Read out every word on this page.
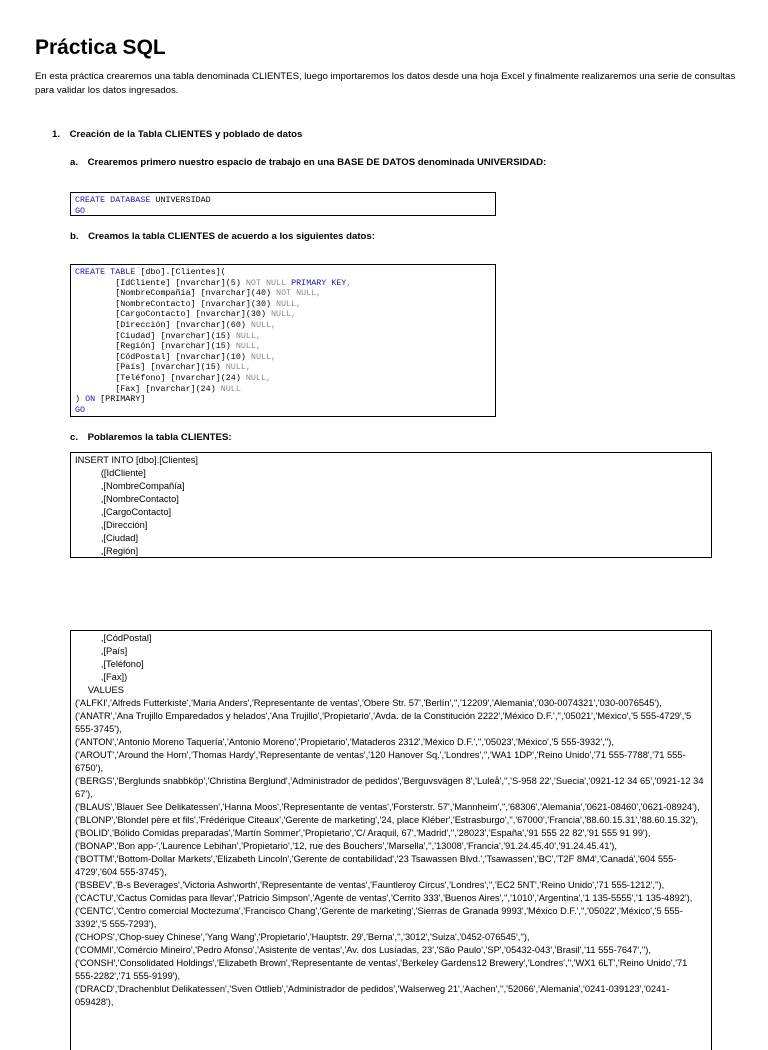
Práctica SQL

En esta práctica crearemos una tabla denominada CLIENTES, luego importaremos los datos desde una hoja Excel y finalmente realizaremos una serie de consultas para validar los datos ingresados.

1. Creación de la Tabla CLIENTES y poblado de datos

a. Crearemos primero nuestro espacio de trabajo en una BASE DE DATOS denominada UNIVERSIDAD:

CREATE DATABASE UNIVERSIDAD
GO

b. Creamos la tabla CLIENTES de acuerdo a los siguientes datos:

CREATE TABLE [dbo].[Clientes](
[IdCliente] [nvarchar](5) NOT NULL PRIMARY KEY,
[NombreCompañía] [nvarchar](40) NOT NULL,
[NombreContacto] [nvarchar](30) NULL,
[CargoContacto] [nvarchar](30) NULL,
[Dirección] [nvarchar](60) NULL,
[Ciudad] [nvarchar](15) NULL,
[Región] [nvarchar](15) NULL,
[CódPostal] [nvarchar](10) NULL,
[País] [nvarchar](15) NULL,
[Teléfono] [nvarchar](24) NULL,
[Fax] [nvarchar](24) NULL
) ON [PRIMARY]
GO

c. Poblaremos la tabla CLIENTES:

INSERT INTO [dbo].[Clientes]
([IdCliente]
,[NombreCompañía]
,[NombreContacto]
,[CargoContacto]
,[Dirección]
,[Ciudad]
,[Región]
,[CódPostal]
,[País]
,[Teléfono]
,[Fax])
VALUES
('ALFKI','Alfreds Futterkiste','Maria Anders','Representante de ventas','Obere Str. 57','Berlín','','12209','Alemania','030-0074321','030-0076545'),
('ANATR','Ana Trujillo Emparedados y helados','Ana Trujillo','Propietario','Avda. de la Constitución 2222','México D.F.','','05021','México','5 555-4729','5 555-3745'),
('ANTON','Antonio Moreno Taquería','Antonio Moreno','Propietario','Mataderos 2312','México D.F.','','05023','México','5 555-3932',''),
('AROUT','Around the Horn','Thomas Hardy','Representante de ventas','120 Hanover Sq.','Londres','','WA1 1DP','Reino Unido','71 555-7788','71 555-6750'),
('BERGS','Berglunds snabbköp','Christina Berglund','Administrador de pedidos','Berguvsvägen 8','Luleå','','S-958 22','Suecia','0921-12 34 65','0921-12 34 67'),
('BLAUS','Blauer See Delikatessen','Hanna Moos','Representante de ventas','Forsterstr. 57','Mannheim','','68306','Alemania','0621-08460','0621-08924'),
('BLONP','Blondel père et fils','Frédérique Citeaux','Gerente de marketing','24, place Kléber','Estrasburgo','','67000','Francia','88.60.15.31','88.60.15.32'),
('BOLID','Bólido Comidas preparadas','Martín Sommer','Propietario','C/ Araquil, 67','Madrid','','28023','España','91 555 22 82','91 555 91 99'),
('BONAP','Bon app-','Laurence Lebihan','Propietario','12, rue des Bouchers','Marsella','','13008','Francia','91.24.45.40','91.24.45.41'),
('BOTTM','Bottom-Dollar Markets','Elizabeth Lincoln','Gerente de contabilidad','23 Tsawassen Blvd.','Tsawassen','BC','T2F 8M4','Canadá','604 555-4729','604 555-3745'),
('BSBEV','B-s Beverages','Victoria Ashworth','Representante de ventas','Fauntleroy Circus','Londres','','EC2 5NT','Reino Unido','71 555-1212',''),
('CACTU','Cactus Comidas para llevar','Patricio Simpson','Agente de ventas','Cerrito 333','Buenos Aires','','1010','Argentina','1 135-5555','1 135-4892'),
('CENTC','Centro comercial Moctezuma','Francisco Chang','Gerente de marketing','Sierras de Granada 9993','México D.F.','','05022','México','5 555-3392','5 555-7293'),
('CHOPS','Chop-suey Chinese','Yang Wang','Propietario','Hauptstr. 29','Berna','','3012','Suiza','0452-076545',''),
('COMMI','Comércio Mineiro','Pedro Afonso','Asistente de ventas','Av. dos Lusíadas, 23','São Paulo','SP','05432-043','Brasil','11 555-7647',''),
('CONSH','Consolidated Holdings','Elizabeth Brown','Representante de ventas','Berkeley Gardens12 Brewery','Londres','','WX1 6LT','Reino Unido','71 555-2282','71 555-9199'),
('DRACD','Drachenblut Delikatessen','Sven Ottlieb','Administrador de pedidos','Walserweg 21','Aachen','','52066','Alemania','0241-039123','0241-059428'),
